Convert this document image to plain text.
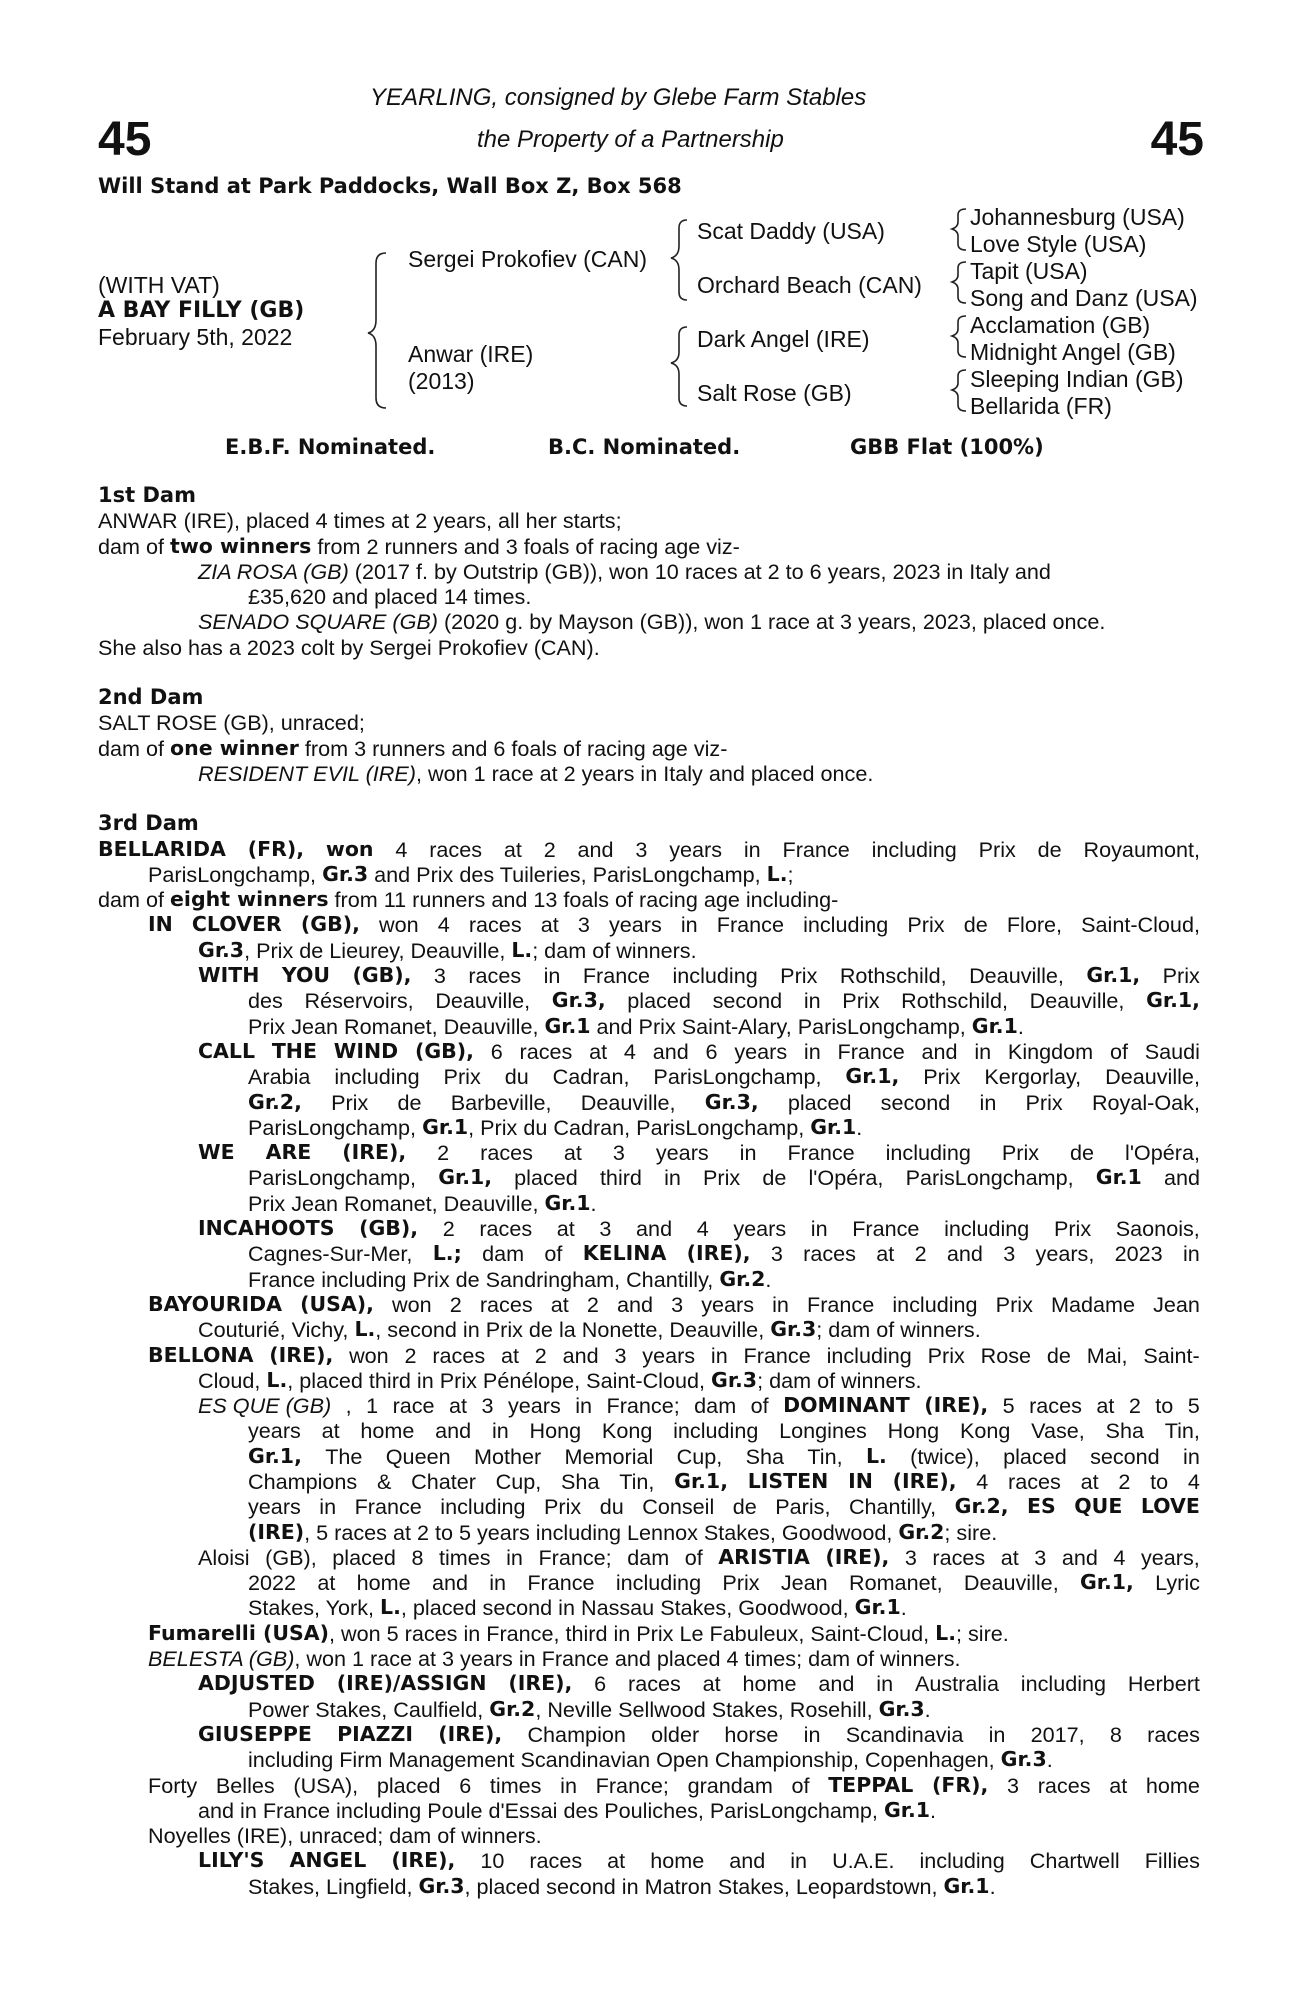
45	45
YEARLING, consigned by Glebe Farm Stables
the Property of a Partnership
Will Stand at Park Paddocks, Wall Box Z, Box 568
(WITH VAT)
A BAY FILLY (GB)
February 5th, 2022
Sergei Prokofiev (CAN)
Anwar (IRE)
(2013)
Scat Daddy (USA)
Orchard Beach (CAN)
Dark Angel (IRE)
Salt Rose (GB)
Johannesburg (USA)
Love Style (USA)
Tapit (USA)
Song and Danz (USA)
Acclamation (GB)
Midnight Angel (GB)
Sleeping Indian (GB)
Bellarida (FR)
E.B.F. Nominated.	B.C. Nominated.	GBB Flat (100%)
1st Dam
ANWAR (IRE), placed 4 times at 2 years, all her starts;
dam of two winners from 2 runners and 3 foals of racing age viz-
ZIA ROSA (GB) (2017 f. by Outstrip (GB)), won 10 races at 2 to 6 years, 2023 in Italy and
£35,620 and placed 14 times.
SENADO SQUARE (GB) (2020 g. by Mayson (GB)), won 1 race at 3 years, 2023, placed once.
She also has a 2023 colt by Sergei Prokofiev (CAN).
2nd Dam
SALT ROSE (GB), unraced;
dam of one winner from 3 runners and 6 foals of racing age viz-
RESIDENT EVIL (IRE) , won 1 race at 2 years in Italy and placed once.
3rd Dam
BELLARIDA (FR), won 4 races at 2 and 3 years in France including Prix de Royaumont,
ParisLongchamp, Gr.3 and Prix des Tuileries, ParisLongchamp, L. ;
dam of eight winners from 11 runners and 13 foals of racing age including-
IN CLOVER (GB), won 4 races at 3 years in France including Prix de Flore, Saint-Cloud,
Gr.3 , Prix de Lieurey, Deauville, L. ; dam of winners.
WITH YOU (GB), 3 races in France including Prix Rothschild, Deauville, Gr.1, Prix
des Réservoirs, Deauville, Gr.3, placed second in Prix Rothschild, Deauville, Gr.1,
Prix Jean Romanet, Deauville, Gr.1 and Prix Saint-Alary, ParisLongchamp, Gr.1 .
CALL THE WIND (GB), 6 races at 4 and 6 years in France and in Kingdom of Saudi
Arabia including Prix du Cadran, ParisLongchamp, Gr.1, Prix Kergorlay, Deauville,
Gr.2, Prix de Barbeville, Deauville, Gr.3, placed second in Prix Royal-Oak,
ParisLongchamp, Gr.1 , Prix du Cadran, ParisLongchamp, Gr.1 .
WE ARE (IRE), 2 races at 3 years in France including Prix de l'Opéra,
ParisLongchamp, Gr.1, placed third in Prix de l'Opéra, ParisLongchamp, Gr.1 and
Prix Jean Romanet, Deauville, Gr.1 .
INCAHOOTS (GB), 2 races at 3 and 4 years in France including Prix Saonois,
Cagnes-Sur-Mer, L.; dam of KELINA (IRE), 3 races at 2 and 3 years, 2023 in
France including Prix de Sandringham, Chantilly, Gr.2 .
BAYOURIDA (USA), won 2 races at 2 and 3 years in France including Prix Madame Jean
Couturié, Vichy, L. , second in Prix de la Nonette, Deauville, Gr.3 ; dam of winners.
BELLONA (IRE), won 2 races at 2 and 3 years in France including Prix Rose de Mai, Saint-
Cloud, L. , placed third in Prix Pénélope, Saint-Cloud, Gr.3 ; dam of winners.
ES QUE (GB) , 1 race at 3 years in France; dam of DOMINANT (IRE), 5 races at 2 to 5
years at home and in Hong Kong including Longines Hong Kong Vase, Sha Tin,
Gr.1, The Queen Mother Memorial Cup, Sha Tin, L. (twice), placed second in
Champions & Chater Cup, Sha Tin, Gr.1, LISTEN IN (IRE), 4 races at 2 to 4
years in France including Prix du Conseil de Paris, Chantilly, Gr.2, ES QUE LOVE
(IRE) , 5 races at 2 to 5 years including Lennox Stakes, Goodwood, Gr.2 ; sire.
Aloisi (GB), placed 8 times in France; dam of ARISTIA (IRE), 3 races at 3 and 4 years,
2022 at home and in France including Prix Jean Romanet, Deauville, Gr.1, Lyric
Stakes, York, L. , placed second in Nassau Stakes, Goodwood, Gr.1 .
Fumarelli (USA) , won 5 races in France, third in Prix Le Fabuleux, Saint-Cloud, L. ; sire.
BELESTA (GB) , won 1 race at 3 years in France and placed 4 times; dam of winners.
ADJUSTED (IRE)/ASSIGN (IRE), 6 races at home and in Australia including Herbert
Power Stakes, Caulfield, Gr.2 , Neville Sellwood Stakes, Rosehill, Gr.3 .
GIUSEPPE PIAZZI (IRE), Champion older horse in Scandinavia in 2017, 8 races
including Firm Management Scandinavian Open Championship, Copenhagen, Gr.3 .
Forty Belles (USA), placed 6 times in France; grandam of TEPPAL (FR), 3 races at home
and in France including Poule d'Essai des Pouliches, ParisLongchamp, Gr.1 .
Noyelles (IRE), unraced; dam of winners.
LILY'S ANGEL (IRE), 10 races at home and in U.A.E. including Chartwell Fillies
Stakes, Lingfield, Gr.3 , placed second in Matron Stakes, Leopardstown, Gr.1 .
